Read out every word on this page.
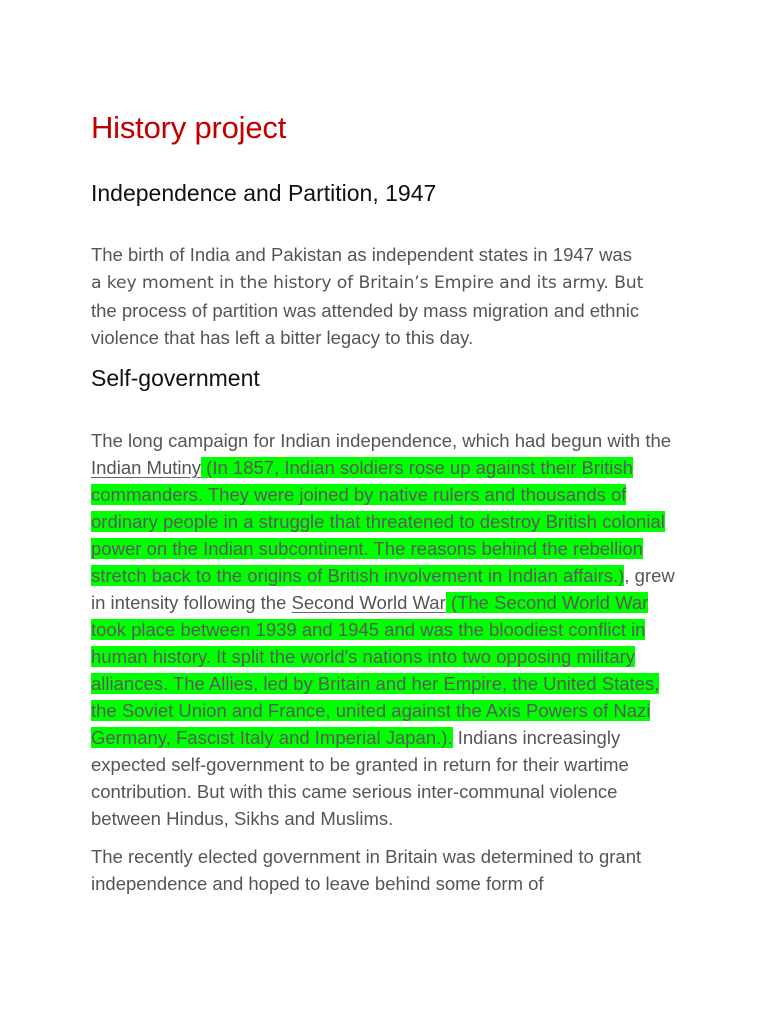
History project
Independence and Partition, 1947

The birth of India and Pakistan as independent states in 1947 was
a key moment in the history of Britain’s Empire and its army. But
the process of partition was attended by mass migration and ethnic violence that has left a bitter legacy to this day.

Self-government

The long campaign for Indian independence, which had begun with the Indian Mutiny (In 1857, Indian soldiers rose up against their British commanders. They were joined by native rulers and thousands of ordinary people in a struggle that threatened to destroy British colonial power on the Indian subcontinent. The reasons behind the rebellion stretch back to the origins of British involvement in Indian affairs.), grew in intensity following the Second World War (The Second World War took place between 1939 and 1945 and was the bloodiest conflict in human history. It split the world's nations into two opposing military alliances. The Allies, led by Britain and her Empire, the United States, the Soviet Union and France, united against the Axis Powers of Nazi Germany, Fascist Italy and Imperial Japan.). Indians increasingly expected self-government to be granted in return for their wartime contribution. But with this came serious inter-communal violence between Hindus, Sikhs and Muslims.

The recently elected government in Britain was determined to grant independence and hoped to leave behind some form of
